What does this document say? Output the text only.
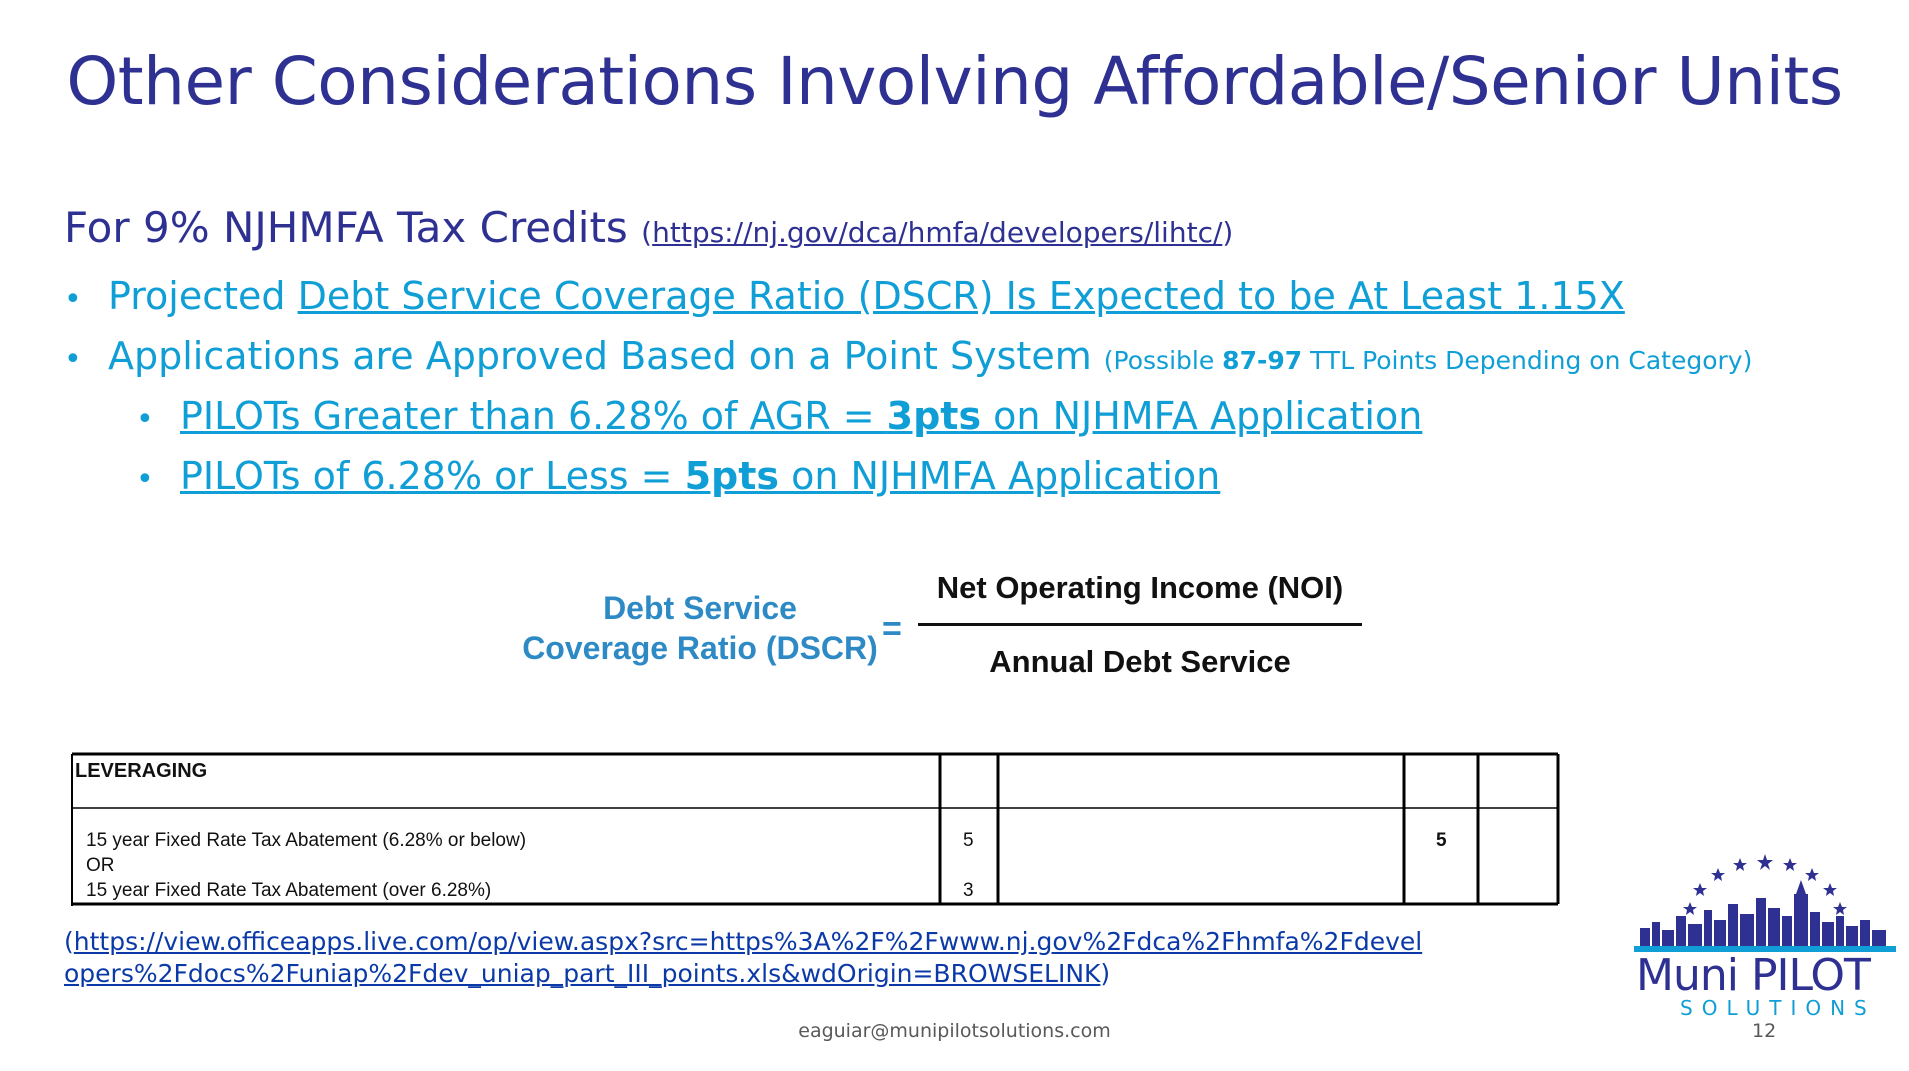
Other Considerations Involving Affordable/Senior Units
For 9% NJHMFA Tax Credits (https://nj.gov/dca/hmfa/developers/lihtc/)
• Projected Debt Service Coverage Ratio (DSCR) Is Expected to be At Least 1.15X
• Applications are Approved Based on a Point System (Possible 87-97 TTL Points Depending on Category)
• PILOTs Greater than 6.28% of AGR = 3pts on NJHMFA Application
• PILOTs of 6.28% or Less = 5pts on NJHMFA Application
Debt Service
Coverage Ratio (DSCR) =
Net Operating Income (NOI)
Annual Debt Service
LEVERAGING
15 year Fixed Rate Tax Abatement (6.28% or below)
OR
15 year Fixed Rate Tax Abatement (over 6.28%)
5
3
5
(https://view.officeapps.live.com/op/view.aspx?src=https%3A%2F%2Fwww.nj.gov%2Fdca%2Fhmfa%2Fdevel
opers%2Fdocs%2Funiap%2Fdev_uniap_part_III_points.xls&wdOrigin=BROWSELINK)
eaguiar@munipilotsolutions.com	12
Muni PILOT
SOLUTIONS
